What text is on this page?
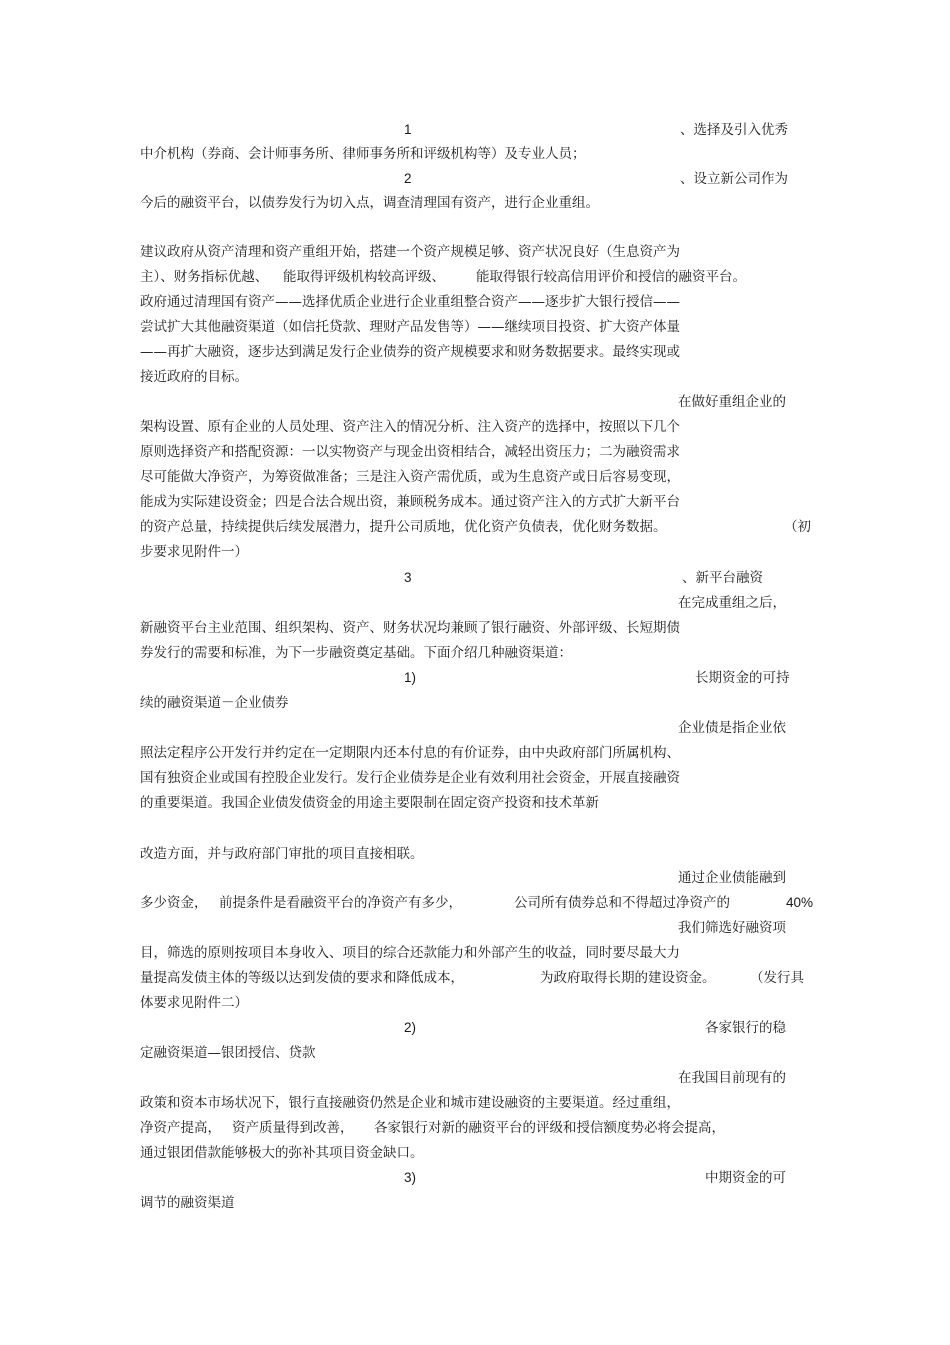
1	、选择及引入优秀
中介机构（券商、会计师事务所、律师事务所和评级机构等）及专业人员；
2	、设立新公司作为
今后的融资平台，以债券发行为切入点，调查清理国有资产，进行企业重组。
建议政府从资产清理和资产重组开始，搭建一个资产规模足够、资产状况良好（生息资产为
主）、财务指标优越、 能取得评级机构较高评级、 能取得银行较高信用评价和授信的融资平台。
政府通过清理国有资产——选择优质企业进行企业重组整合资产——逐步扩大银行授信——
尝试扩大其他融资渠道（如信托贷款、理财产品发售等）——继续项目投资、扩大资产体量
——再扩大融资，逐步达到满足发行企业债券的资产规模要求和财务数据要求。最终实现或
接近政府的目标。
在做好重组企业的
架构设置、原有企业的人员处理、资产注入的情况分析、注入资产的选择中，按照以下几个
原则选择资产和搭配资源：一以实物资产与现金出资相结合，减轻出资压力；二为融资需求
尽可能做大净资产，为筹资做准备；三是注入资产需优质，或为生息资产或日后容易变现，
能成为实际建设资金；四是合法合规出资，兼顾税务成本。通过资产注入的方式扩大新平台
的资产总量，持续提供后续发展潜力，提升公司质地，优化资产负债表，优化财务数据。	（初
步要求见附件一）
3	、新平台融资
在完成重组之后，
新融资平台主业范围、组织架构、资产、财务状况均兼顾了银行融资、外部评级、长短期债
券发行的需要和标准，为下一步融资奠定基础。下面介绍几种融资渠道：
1)	长期资金的可持
续的融资渠道－企业债券
企业债是指企业依
照法定程序公开发行并约定在一定期限内还本付息的有价证券，由中央政府部门所属机构、
国有独资企业或国有控股企业发行。发行企业债券是企业有效利用社会资金，开展直接融资
的重要渠道。我国企业债发债资金的用途主要限制在固定资产投资和技术革新
改造方面，并与政府部门审批的项目直接相联。
通过企业债能融到
多少资金， 前提条件是看融资平台的净资产有多少，	公司所有债券总和不得超过净资产的	40%
我们筛选好融资项
目，筛选的原则按项目本身收入、项目的综合还款能力和外部产生的收益，同时要尽最大力
量提高发债主体的等级以达到发债的要求和降低成本，	为政府取得长期的建设资金。	（发行具
体要求见附件二）
2)	各家银行的稳
定融资渠道—银团授信、贷款
在我国目前现有的
政策和资本市场状况下，银行直接融资仍然是企业和城市建设融资的主要渠道。经过重组，
净资产提高， 资产质量得到改善， 各家银行对新的融资平台的评级和授信额度势必将会提高，
通过银团借款能够极大的弥补其项目资金缺口。
3)	中期资金的可
调节的融资渠道
